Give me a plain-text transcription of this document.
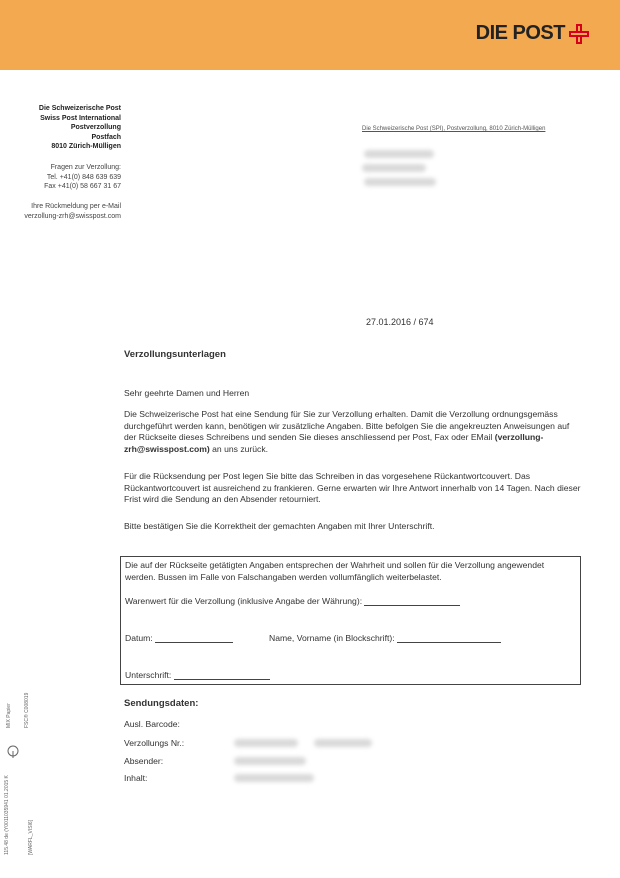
DIE POST
Die Schweizerische Post
Swiss Post International
Postverzollung
Postfach
8010 Zürich-Mülligen
Fragen zur Verzollung:
Tel. +41(0) 848 639 639
Fax +41(0) 58 667 31 67
Ihre Rückmeldung per e-Mail
verzollung-zrh@swisspost.com
Die Schweizerische Post (SPI), Postverzollung, 8010 Zürich-Mülligen
27.01.2016 / 674
Verzollungsunterlagen
Sehr geehrte Damen und Herren
Die Schweizerische Post hat eine Sendung für Sie zur Verzollung erhalten. Damit die Verzollung ordnungsgemäss durchgeführt werden kann, benötigen wir zusätzliche Angaben. Bitte befolgen Sie die angekreuzten Anweisungen auf der Rückseite dieses Schreibens und senden Sie dieses anschliessend per Post, Fax oder EMail (verzollung-zrh@swisspost.com) an uns zurück.
Für die Rücksendung per Post legen Sie bitte das Schreiben in das vorgesehene Rückantwortcouvert. Das Rückantwortcouvert ist ausreichend zu frankieren. Gerne erwarten wir Ihre Antwort innerhalb von 14 Tagen. Nach dieser Frist wird die Sendung an den Absender retourniert.
Bitte bestätigen Sie die Korrektheit der gemachten Angaben mit Ihrer Unterschrift.
Die auf der Rückseite getätigten Angaben entsprechen der Wahrheit und sollen für die Verzollung angewendet werden. Bussen im Falle von Falschangaben werden vollumfänglich weiterbelastet.
Warenwert für die Verzollung (inklusive Angabe der Währung):
Datum:	Name, Vorname (in Blockschrift):
Unterschrift:
Sendungsdaten:
Ausl. Barcode:
Verzollungs Nr.:
Absender:
Inhalt:
115.48 de (Y0011035941 01.2015 K	[WARFL_VISI6]
FSC® C008019
MIX Papier
